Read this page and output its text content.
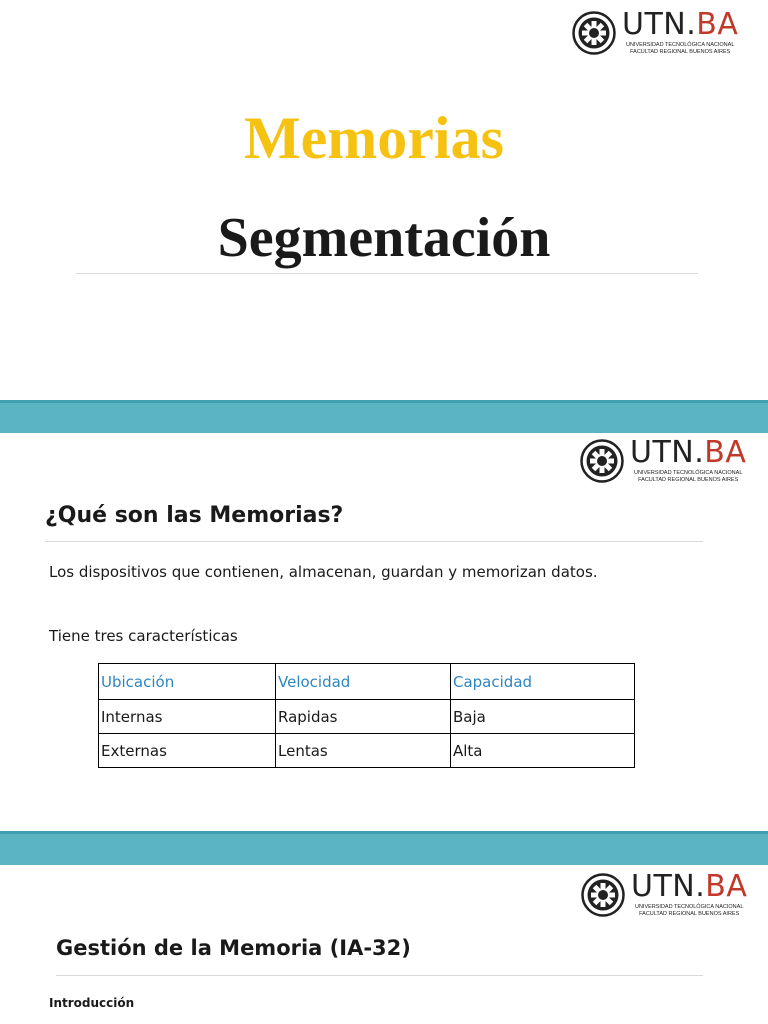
UTN.BA
UNIVERSIDAD TECNOLÓGICA NACIONAL
FACULTAD REGIONAL BUENOS AIRES
Memorias
Segmentación
UTN.BA
UNIVERSIDAD TECNOLÓGICA NACIONAL
FACULTAD REGIONAL BUENOS AIRES
¿Qué son las Memorias?

Los dispositivos que contienen, almacenan, guardan y memorizan datos.

Tiene tres características

Ubicación	Velocidad	Capacidad
Internas	Rapidas	Baja
Externas	Lentas	Alta
UTN.BA
UNIVERSIDAD TECNOLÓGICA NACIONAL
FACULTAD REGIONAL BUENOS AIRES
Gestión de la Memoria (IA-32)

Introducción
